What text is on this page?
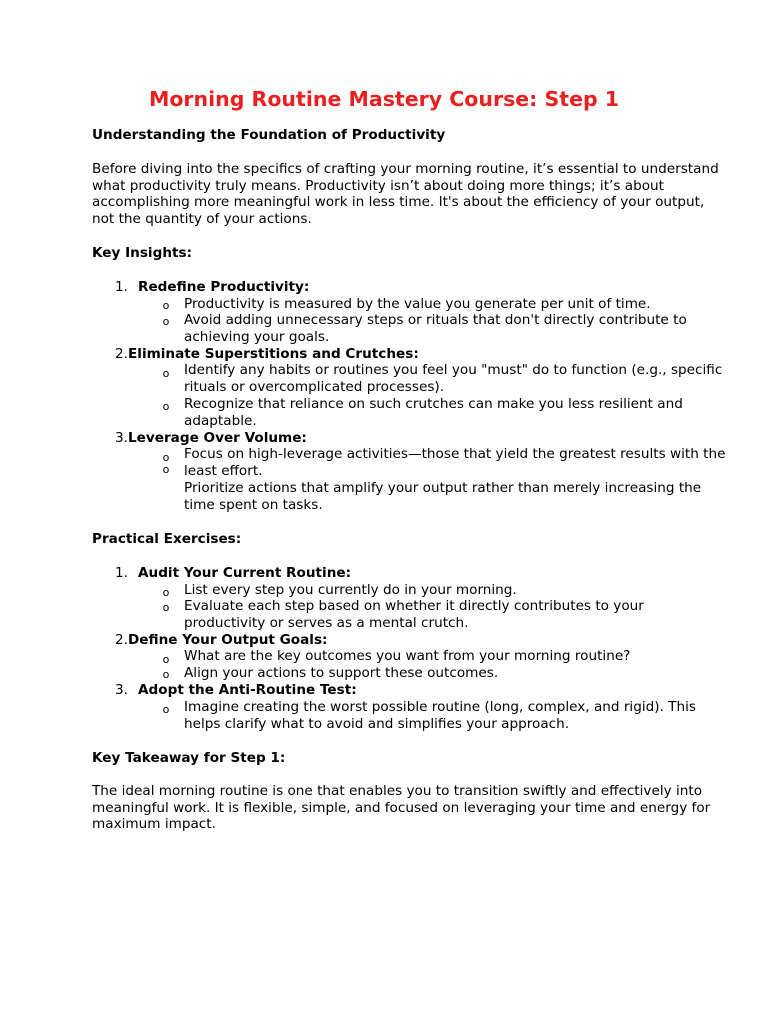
Morning Routine Mastery Course: Step 1
Understanding the Foundation of Productivity

Before diving into the specifics of crafting your morning routine, it’s essential to understand what productivity truly means. Productivity isn’t about doing more things; it’s about accomplishing more meaningful work in less time. It's about the efficiency of your output, not the quantity of your actions.

Key Insights:
1. Redefine Productivity:
o Productivity is measured by the value you generate per unit of time.
o Avoid adding unnecessary steps or rituals that don't directly contribute to achieving your goals.
2. Eliminate Superstitions and Crutches:
o Identify any habits or routines you feel you "must" do to function (e.g., specific rituals or overcomplicated processes).
o Recognize that reliance on such crutches can make you less resilient and adaptable.
3. Leverage Over Volume:
o
o
Focus on high-leverage activities—those that yield the greatest results with the least effort.
Prioritize actions that amplify your output rather than merely increasing the time spent on tasks.
Practical Exercises:
1. Audit Your Current Routine:
o List every step you currently do in your morning.
o Evaluate each step based on whether it directly contributes to your productivity or serves as a mental crutch.
2. Define Your Output Goals:
o What are the key outcomes you want from your morning routine?
o Align your actions to support these outcomes.
3. Adopt the Anti-Routine Test:
o Imagine creating the worst possible routine (long, complex, and rigid). This helps clarify what to avoid and simplifies your approach.
Key Takeaway for Step 1:

The ideal morning routine is one that enables you to transition swiftly and effectively into meaningful work. It is flexible, simple, and focused on leveraging your time and energy for maximum impact.
